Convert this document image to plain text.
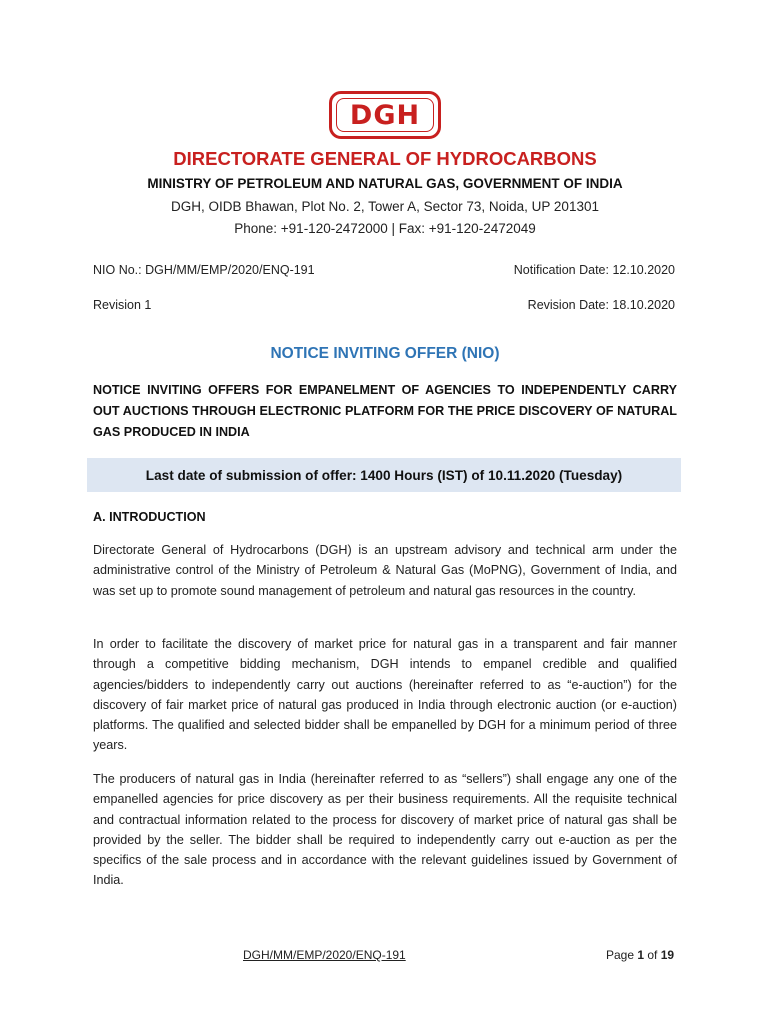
DGH
DIRECTORATE GENERAL OF HYDROCARBONS
MINISTRY OF PETROLEUM AND NATURAL GAS, GOVERNMENT OF INDIA
DGH, OIDB Bhawan, Plot No. 2, Tower A, Sector 73, Noida, UP 201301
Phone: +91-120-2472000 | Fax: +91-120-2472049
NIO No.: DGH/MM/EMP/2020/ENQ-191	Notification Date: 12.10.2020
Revision 1	Revision Date: 18.10.2020
NOTICE INVITING OFFER (NIO)
NOTICE INVITING OFFERS FOR EMPANELMENT OF AGENCIES TO INDEPENDENTLY CARRY OUT AUCTIONS THROUGH ELECTRONIC PLATFORM FOR THE PRICE DISCOVERY OF NATURAL GAS PRODUCED IN INDIA
Last date of submission of offer: 1400 Hours (IST) of 10.11.2020 (Tuesday)
A. INTRODUCTION
Directorate General of Hydrocarbons (DGH) is an upstream advisory and technical arm under the administrative control of the Ministry of Petroleum & Natural Gas (MoPNG), Government of India, and was set up to promote sound management of petroleum and natural gas resources in the country.
In order to facilitate the discovery of market price for natural gas in a transparent and fair manner through a competitive bidding mechanism, DGH intends to empanel credible and qualified agencies/bidders to independently carry out auctions (hereinafter referred to as “e-auction”) for the discovery of fair market price of natural gas produced in India through electronic auction (or e-auction) platforms. The qualified and selected bidder shall be empanelled by DGH for a minimum period of three years.
The producers of natural gas in India (hereinafter referred to as “sellers”) shall engage any one of the empanelled agencies for price discovery as per their business requirements. All the requisite technical and contractual information related to the process for discovery of market price of natural gas shall be provided by the seller. The bidder shall be required to independently carry out e-auction as per the specifics of the sale process and in accordance with the relevant guidelines issued by Government of India.
DGH/MM/EMP/2020/ENQ-191	Page 1 of 19
